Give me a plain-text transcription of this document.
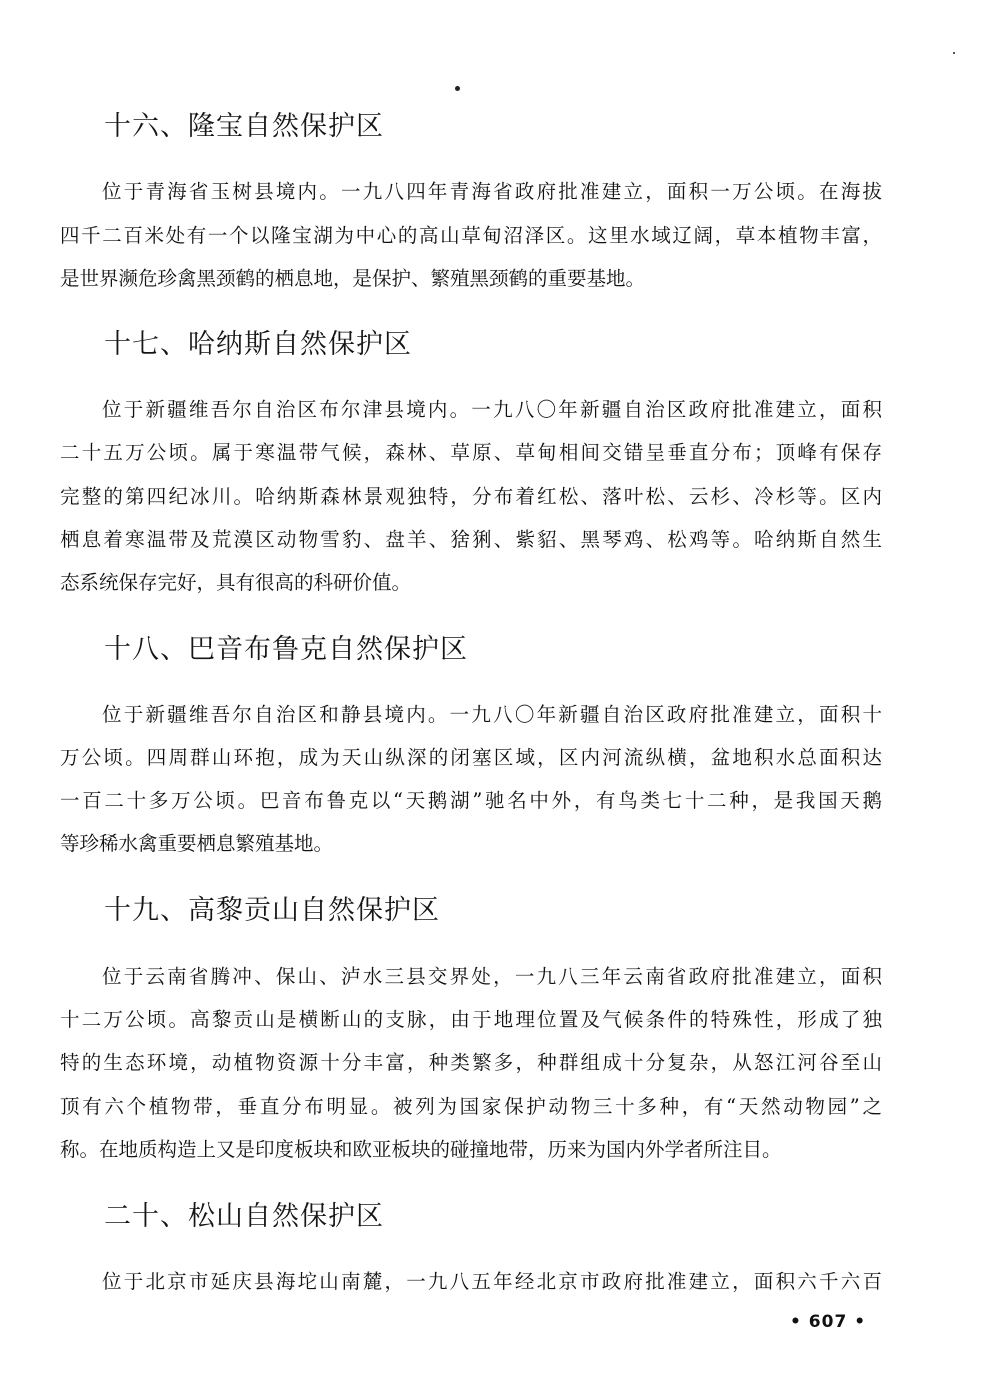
十六、隆宝自然保护区
位于青海省玉树县境内。一九八四年青海省政府批准建立，面积一万公顷。在海拔
四千二百米处有一个以隆宝湖为中心的高山草甸沼泽区。这里水域辽阔，草本植物丰富，
是世界濒危珍禽黑颈鹤的栖息地，是保护、繁殖黑颈鹤的重要基地。
十七、哈纳斯自然保护区
位于新疆维吾尔自治区布尔津县境内。一九八〇年新疆自治区政府批准建立，面积
二十五万公顷。属于寒温带气候，森林、草原、草甸相间交错呈垂直分布；顶峰有保存
完整的第四纪冰川。哈纳斯森林景观独特，分布着红松、落叶松、云杉、冷杉等。区内
栖息着寒温带及荒漠区动物雪豹、盘羊、猞猁、紫貂、黑琴鸡、松鸡等。哈纳斯自然生
态系统保存完好，具有很高的科研价值。
十八、巴音布鲁克自然保护区
位于新疆维吾尔自治区和静县境内。一九八〇年新疆自治区政府批准建立，面积十
万公顷。四周群山环抱，成为天山纵深的闭塞区域，区内河流纵横，盆地积水总面积达
一百二十多万公顷。巴音布鲁克以“天鹅湖”驰名中外，有鸟类七十二种，是我国天鹅
等珍稀水禽重要栖息繁殖基地。
十九、高黎贡山自然保护区
位于云南省腾冲、保山、泸水三县交界处，一九八三年云南省政府批准建立，面积
十二万公顷。高黎贡山是横断山的支脉，由于地理位置及气候条件的特殊性，形成了独
特的生态环境，动植物资源十分丰富，种类繁多，种群组成十分复杂，从怒江河谷至山
顶有六个植物带，垂直分布明显。被列为国家保护动物三十多种，有“天然动物园”之
称。在地质构造上又是印度板块和欧亚板块的碰撞地带，历来为国内外学者所注目。
二十、松山自然保护区
位于北京市延庆县海坨山南麓，一九八五年经北京市政府批准建立，面积六千六百
• 607 •
